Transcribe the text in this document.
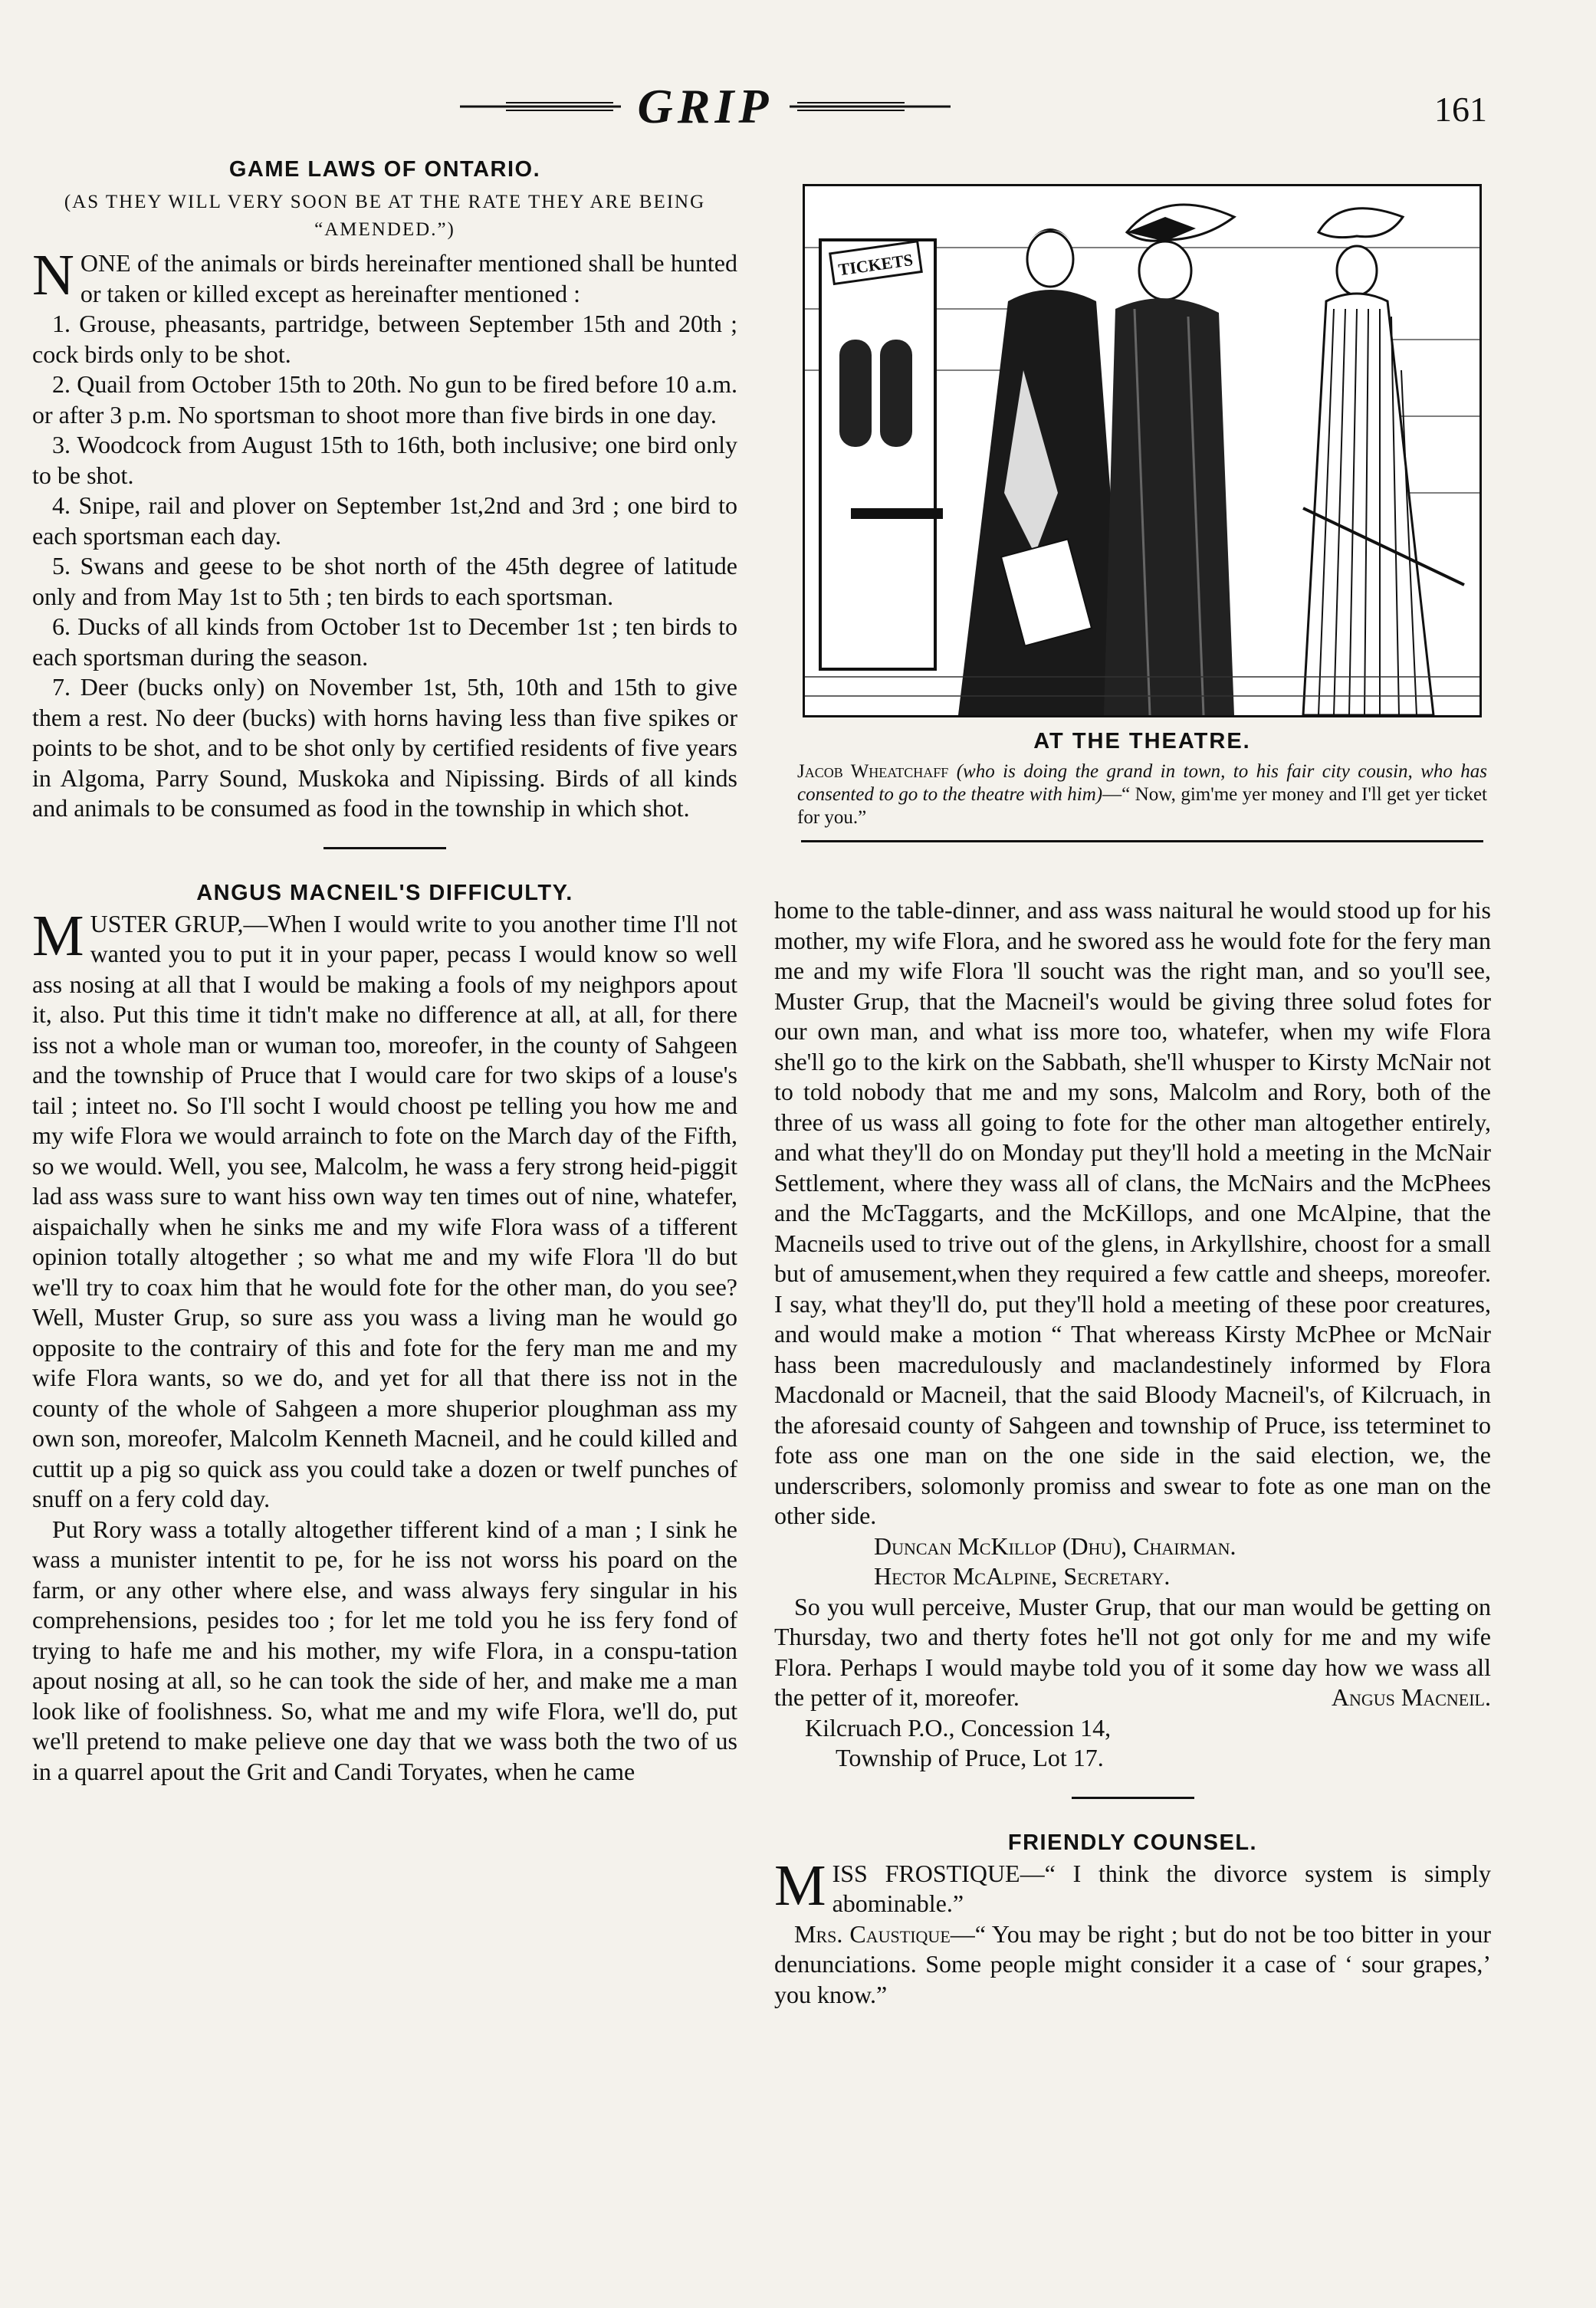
GRIP	161
GAME LAWS OF ONTARIO.
(AS THEY WILL VERY SOON BE AT THE RATE THEY ARE BEING “AMENDED.”)

NONE of the animals or birds hereinafter mentioned shall be hunted or taken or killed except as hereinafter mentioned :

1. Grouse, pheasants, partridge, between September 15th and 20th ; cock birds only to be shot.

2. Quail from October 15th to 20th. No gun to be fired before 10 a.m. or after 3 p.m. No sportsman to shoot more than five birds in one day.

3. Woodcock from August 15th to 16th, both inclusive; one bird only to be shot.

4. Snipe, rail and plover on September 1st,2nd and 3rd ; one bird to each sportsman each day.

5. Swans and geese to be shot north of the 45th degree of latitude only and from May 1st to 5th ; ten birds to each sportsman.

6. Ducks of all kinds from October 1st to December 1st ; ten birds to each sportsman during the season.

7. Deer (bucks only) on November 1st, 5th, 10th and 15th to give them a rest. No deer (bucks) with horns having less than five spikes or points to be shot, and to be shot only by certified residents of five years in Algoma, Parry Sound, Muskoka and Nipissing. Birds of all kinds and animals to be consumed as food in the township in which shot.

ANGUS MACNEIL'S DIFFICULTY.

MUSTER GRUP,—When I would write to you another time I'll not wanted you to put it in your paper, pecass I would know so well ass nosing at all that I would be making a fools of my neighpors apout it, also. Put this time it tidn't make no difference at all, at all, for there iss not a whole man or wuman too, moreofer, in the county of Sahgeen and the township of Pruce that I would care for two skips of a louse's tail ; inteet no. So I'll socht I would choost pe telling you how me and my wife Flora we would arrainch to fote on the March day of the Fifth, so we would. Well, you see, Malcolm, he wass a fery strong heid-piggit lad ass wass sure to want hiss own way ten times out of nine, whatefer, aispaichally when he sinks me and my wife Flora wass of a tifferent opinion totally altogether ; so what me and my wife Flora 'll do but we'll try to coax him that he would fote for the other man, do you see? Well, Muster Grup, so sure ass you wass a living man he would go opposite to the contrairy of this and fote for the fery man me and my wife Flora wants, so we do, and yet for all that there iss not in the county of the whole of Sahgeen a more shuperior ploughman ass my own son, moreofer, Malcolm Kenneth Macneil, and he could killed and cuttit up a pig so quick ass you could take a dozen or twelf punches of snuff on a fery cold day.

Put Rory wass a totally altogether tifferent kind of a man ; I sink he wass a munister intentit to pe, for he iss not worss his poard on the farm, or any other where else, and wass always fery singular in his comprehensions, pesides too ; for let me told you he iss fery fond of trying to hafe me and his mother, my wife Flora, in a conspu-tation apout nosing at all, so he can took the side of her, and make me a man look like of foolishness. So, what me and my wife Flora, we'll do, put we'll pretend to make pelieve one day that we wass both the two of us in a quarrel apout the Grit and Candi Toryates, when he came

TICKETS
AT THE THEATRE.
Jacob Wheatchaff (who is doing the grand in town, to his fair city cousin, who has consented to go to the theatre with him)—“ Now, gim'me yer money and I'll get yer ticket for you.”

home to the table-dinner, and ass wass naitural he would stood up for his mother, my wife Flora, and he swored ass he would fote for the fery man me and my wife Flora 'll soucht was the right man, and so you'll see, Muster Grup, that the Macneil's would be giving three solud fotes for our own man, and what iss more too, whatefer, when my wife Flora she'll go to the kirk on the Sabbath, she'll whusper to Kirsty McNair not to told nobody that me and my sons, Malcolm and Rory, both of the three of us wass all going to fote for the other man altogether entirely, and what they'll do on Monday put they'll hold a meeting in the McNair Settlement, where they wass all of clans, the McNairs and the McPhees and the McTaggarts, and the McKillops, and one McAlpine, that the Macneils used to trive out of the glens, in Arkyllshire, choost for a small but of amusement,when they required a few cattle and sheeps, moreofer. I say, what they'll do, put they'll hold a meeting of these poor creatures, and would make a motion “ That whereass Kirsty McPhee or McNair hass been macredulously and maclandestinely informed by Flora Macdonald or Macneil, that the said Bloody Macneil's, of Kilcruach, in the aforesaid county of Sahgeen and township of Pruce, iss teterminet to fote ass one man on the one side in the said election, we, the underscribers, solomonly promiss and swear to fote as one man on the other side.

Duncan McKillop (Dhu), Chairman.
Hector McAlpine, Secretary.

So you wull perceive, Muster Grup, that our man would be getting on Thursday, two and therty fotes he'll not got only for me and my wife Flora. Perhaps I would maybe told you of it some day how we wass all the petter of it, moreofer.	Angus Macneil.

Kilcruach P.O., Concession 14,
Township of Pruce, Lot 17.
FRIENDLY COUNSEL.

MISS FROSTIQUE—“ I think the divorce system is simply abominable.”

Mrs. Caustique—“ You may be right ; but do not be too bitter in your denunciations. Some people might consider it a case of ‘ sour grapes,’ you know.”
